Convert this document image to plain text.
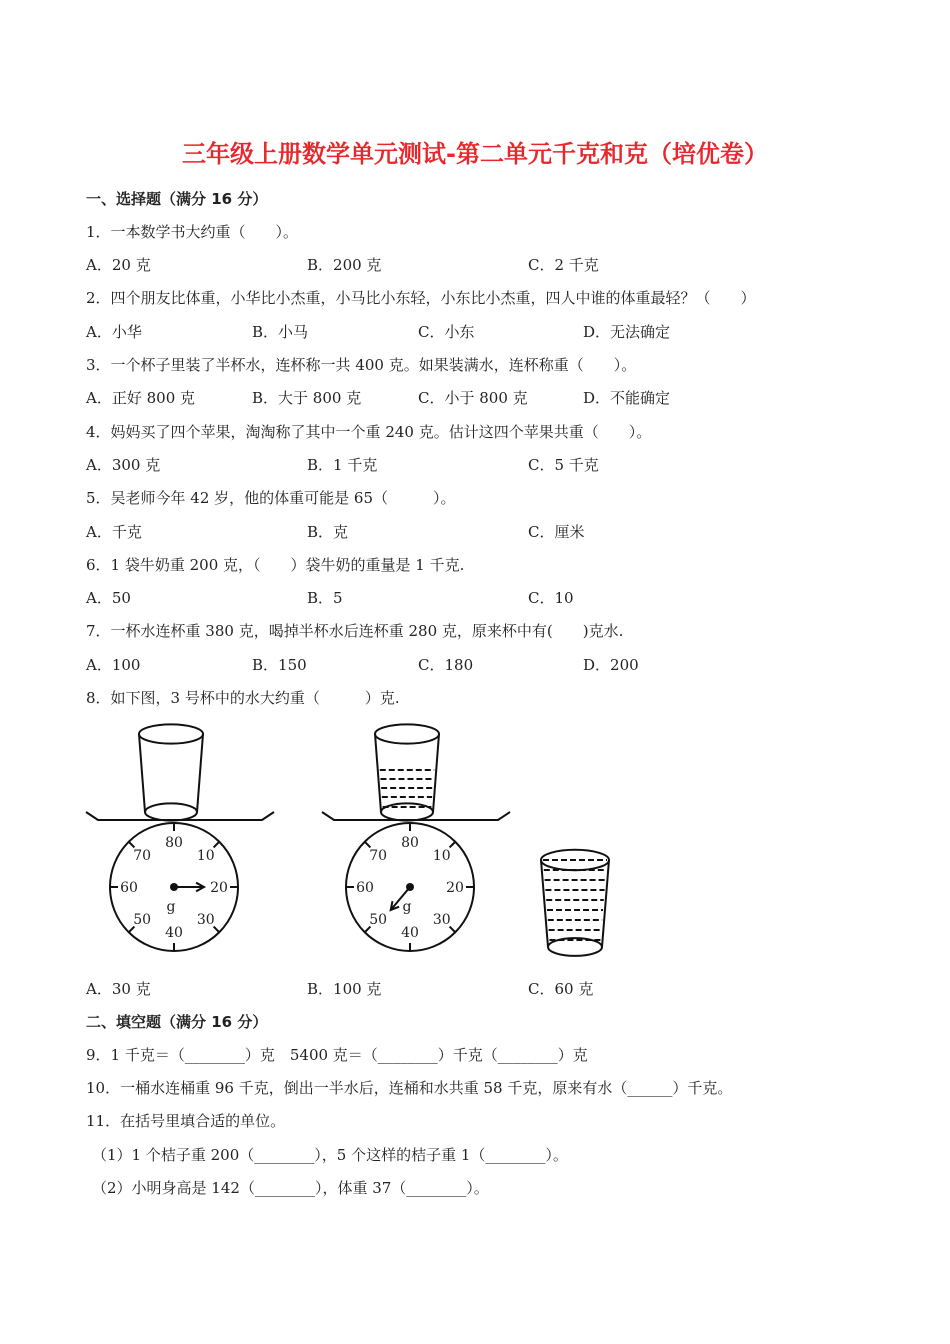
三年级上册数学单元测试-第二单元千克和克（培优卷）
一、选择题（满分 16 分）
1．一本数学书大约重（　　）。
A．20 克	B．200 克	C．2 千克
2．四个朋友比体重，小华比小杰重，小马比小东轻，小东比小杰重，四人中谁的体重最轻？（　　）
A．小华	B．小马	C．小东	D．无法确定
3．一个杯子里装了半杯水，连杯称一共 400 克。如果装满水，连杯称重（　　）。
A．正好 800 克	B．大于 800 克	C．小于 800 克	D．不能确定
4．妈妈买了四个苹果，淘淘称了其中一个重 240 克。估计这四个苹果共重（　　）。
A．300 克	B．1 千克	C．5 千克
5．吴老师今年 42 岁，他的体重可能是 65（　　　）。
A．千克	B．克	C．厘米
6．1 袋牛奶重 200 克，（　　）袋牛奶的重量是 1 千克.
A．50	B．5	C．10
7．一杯水连杯重 380 克，喝掉半杯水后连杯重 280 克，原来杯中有(　　)克水.
A．100	B．150	C．180	D．200
8．如下图，3 号杯中的水大约重（　　　）克.
A．30 克	B．100 克	C．60 克
80
10
20
30
40
50
60
70
g
80
10
20
30
40
50
60
70
g
二、填空题（满分 16 分）
9．1 千克＝（________）克　5400 克＝（________）千克（________）克
10．一桶水连桶重 96 千克，倒出一半水后，连桶和水共重 58 千克，原来有水（______）千克。
11．在括号里填合适的单位。
（1）1 个桔子重 200（________），5 个这样的桔子重 1（________）。
（2）小明身高是 142（________），体重 37（________）。
